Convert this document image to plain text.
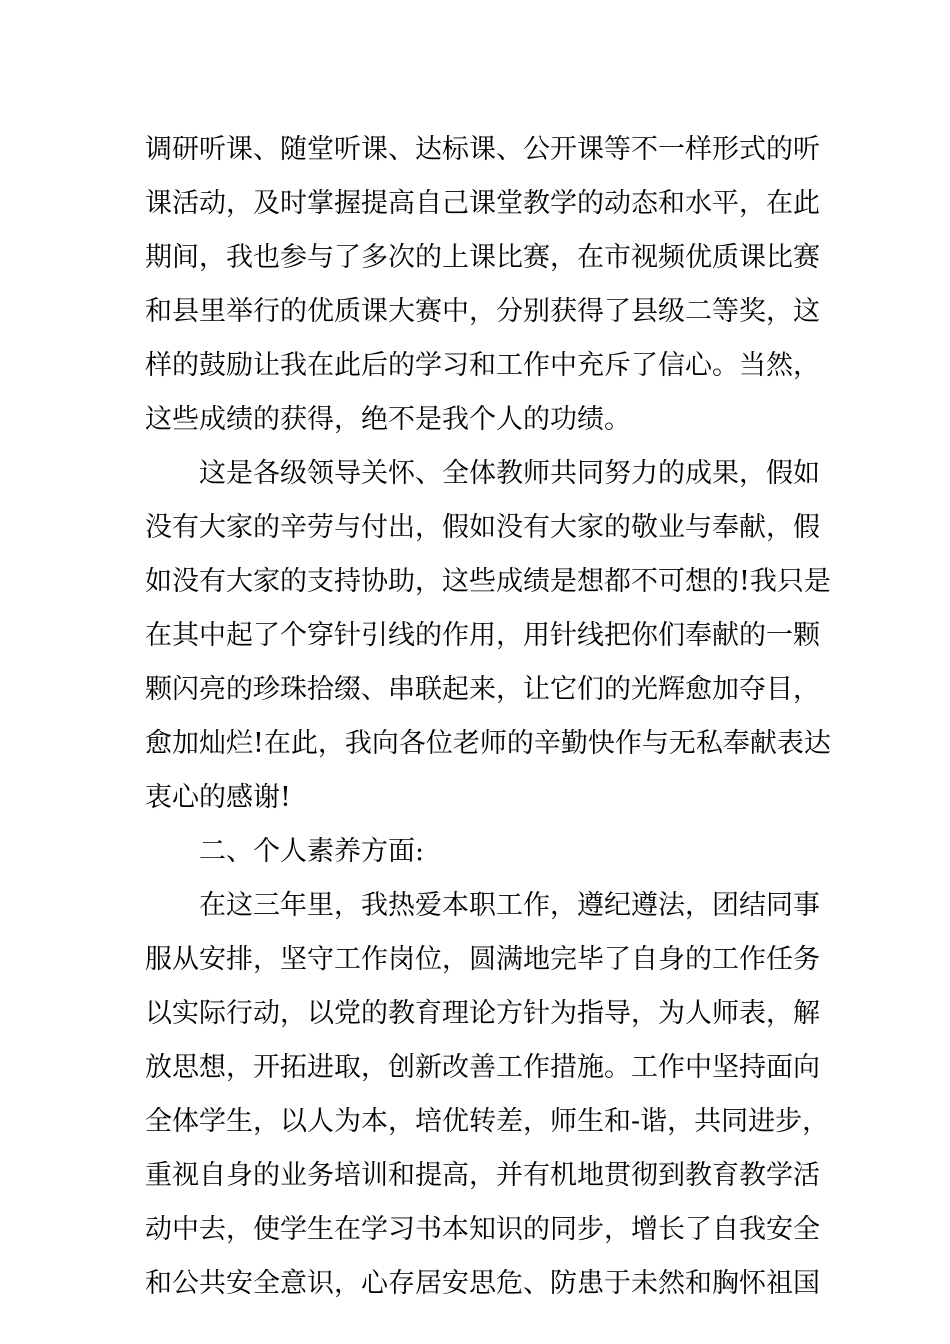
调研听课、随堂听课、达标课、公开课等不一样形式的听
课活动，及时掌握提高自己课堂教学的动态和水平，在此
期间，我也参与了多次的上课比赛，在市视频优质课比赛
和县里举行的优质课大赛中，分别获得了县级二等奖，这
样的鼓励让我在此后的学习和工作中充斥了信心。当然，
这些成绩的获得，绝不是我个人的功绩。
这是各级领导关怀、全体教师共同努力的成果，假如
没有大家的辛劳与付出，假如没有大家的敬业与奉献，假
如没有大家的支持协助，这些成绩是想都不可想的!我只是
在其中起了个穿针引线的作用，用针线把你们奉献的一颗
颗闪亮的珍珠拾缀、串联起来，让它们的光辉愈加夺目，
愈加灿烂!在此，我向各位老师的辛勤快作与无私奉献表达
衷心的感谢!
二、个人素养方面:
在这三年里，我热爱本职工作，遵纪遵法，团结同事
服从安排，坚守工作岗位，圆满地完毕了自身的工作任务
以实际行动，以党的教育理论方针为指导，为人师表，解
放思想，开拓进取，创新改善工作措施。工作中坚持面向
全体学生，以人为本，培优转差，师生和-谐，共同进步，
重视自身的业务培训和提高，并有机地贯彻到教育教学活
动中去，使学生在学习书本知识的同步，增长了自我安全
和公共安全意识，心存居安思危、防患于未然和胸怀祖国
